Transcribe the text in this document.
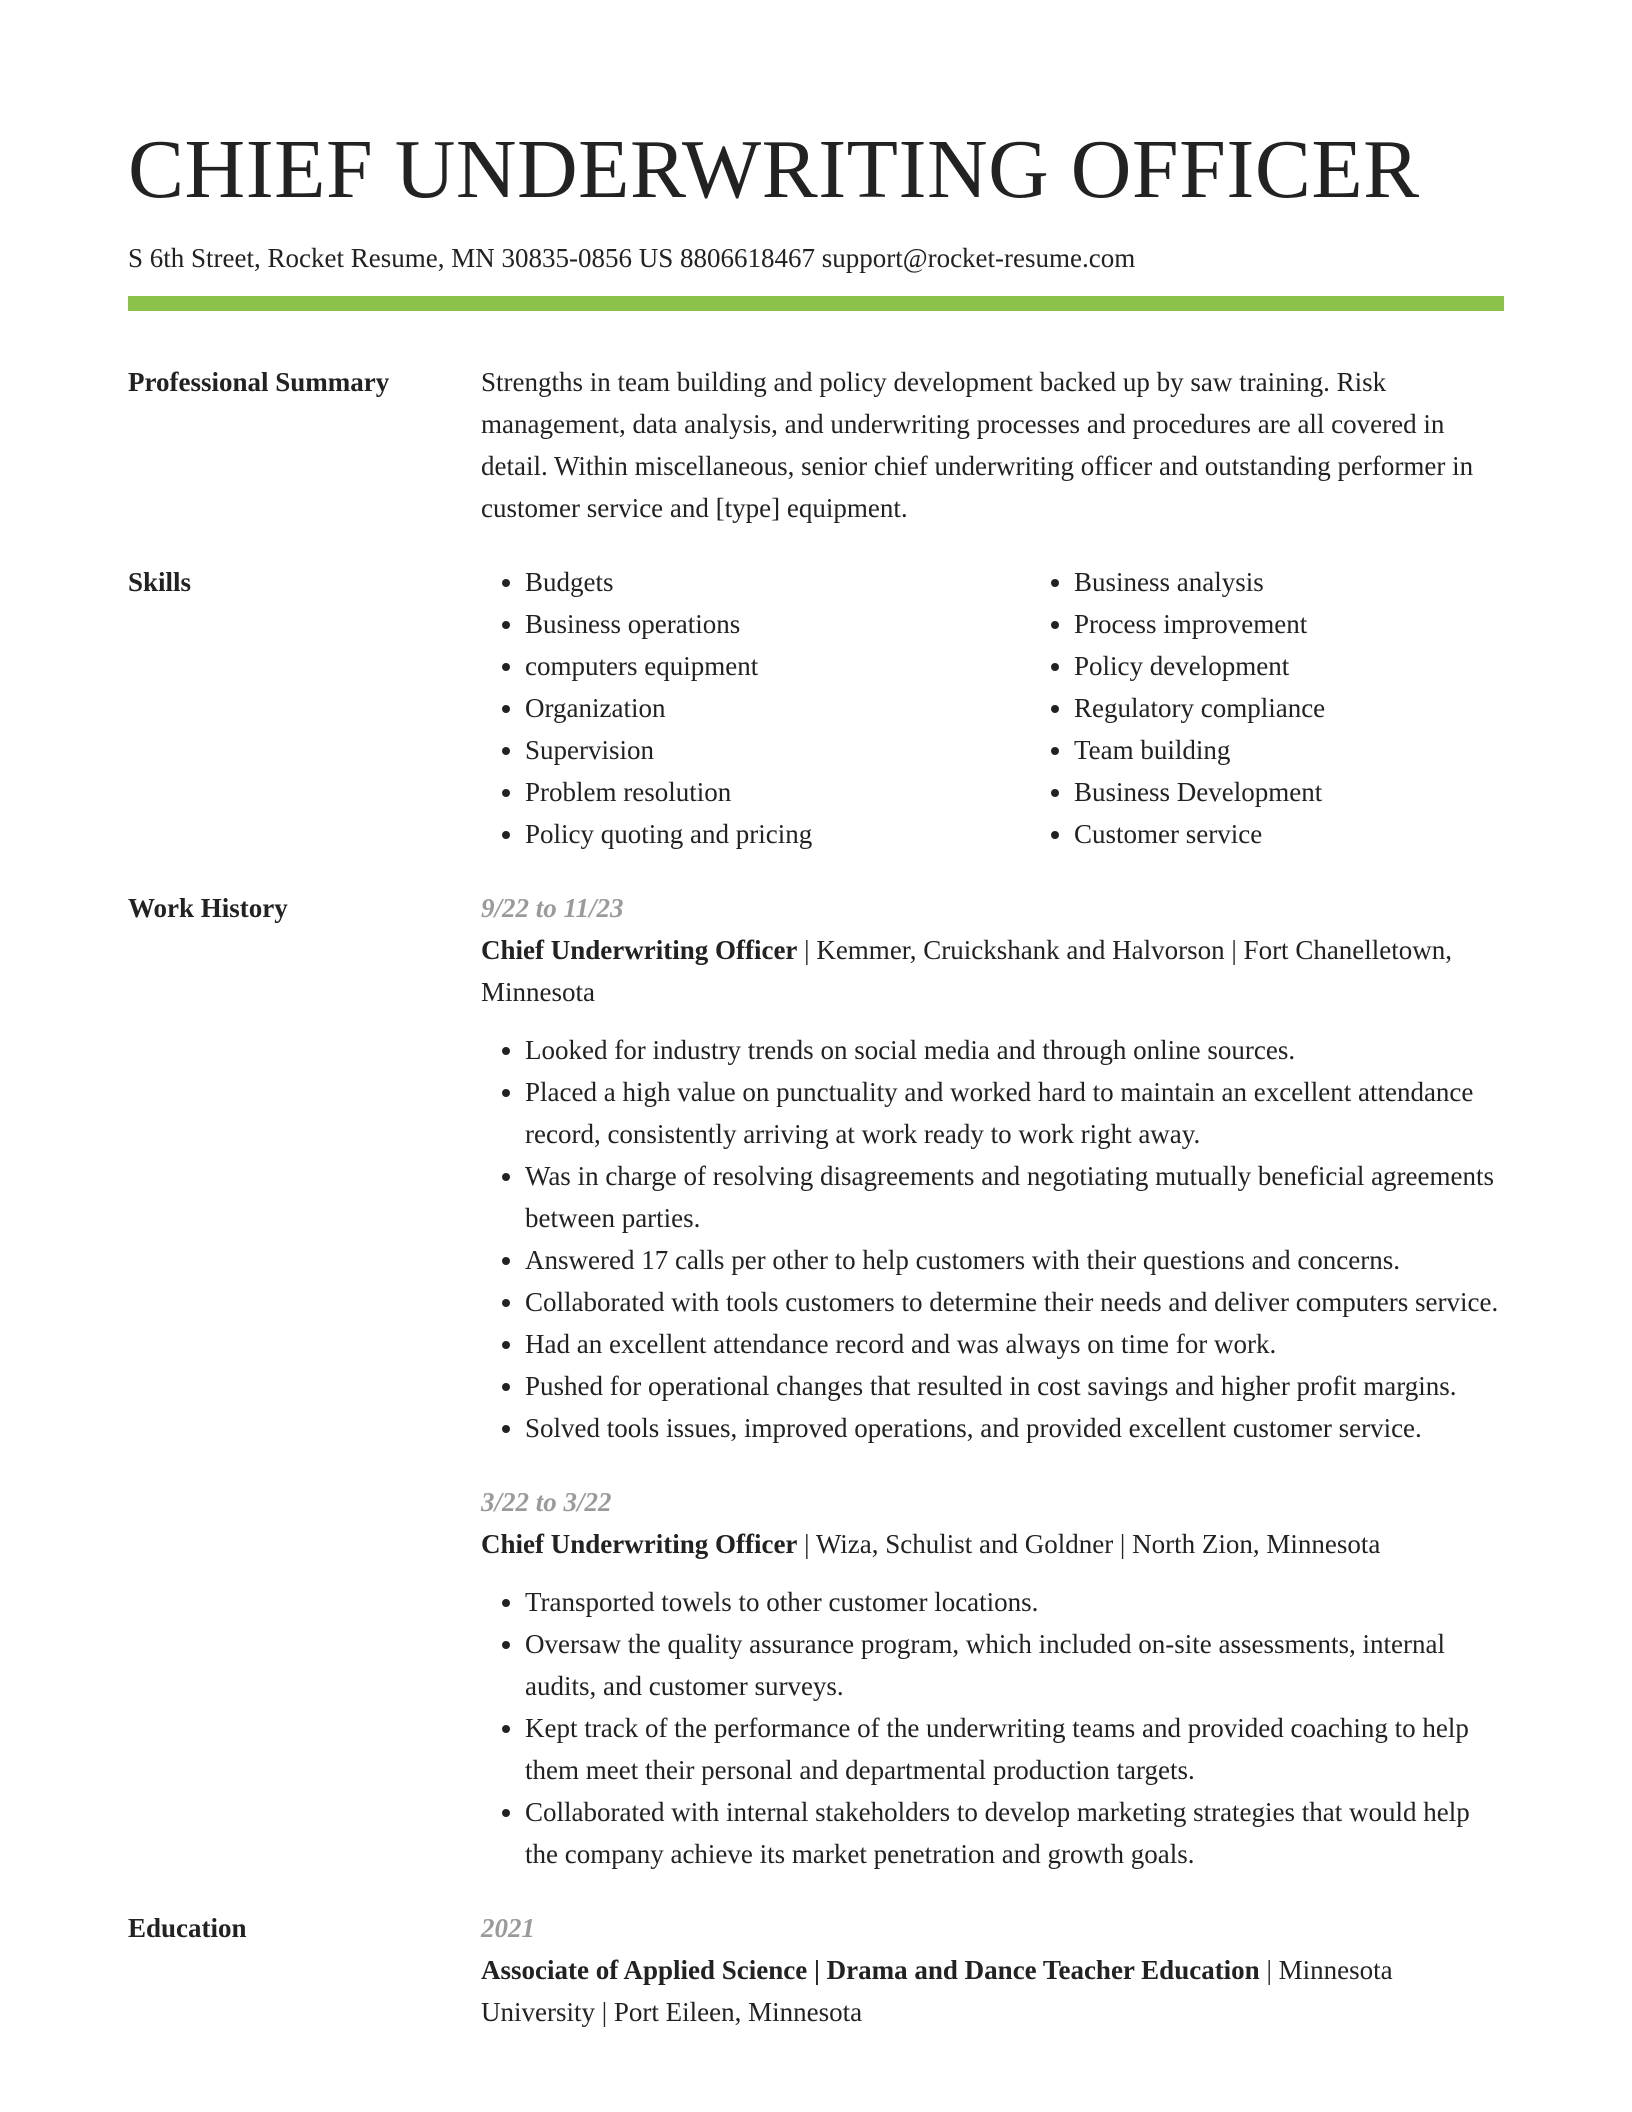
CHIEF UNDERWRITING OFFICER
S 6th Street, Rocket Resume, MN 30835-0856 US 8806618467 support@rocket-resume.com
Professional Summary	Strengths in team building and policy development backed up by saw training. Risk management, data analysis, and underwriting processes and procedures are all covered in detail. Within miscellaneous, senior chief underwriting officer and outstanding performer in customer service and [type] equipment.

Skills
•	Budgets
• Business operations
• computers equipment
• Organization
• Supervision
• Problem resolution
• Policy quoting and pricing
• Business analysis
• Process improvement
• Policy development
• Regulatory compliance
• Team building
• Business Development
• Customer service
Work History	9/22 to 11/23
Chief Underwriting Officer | Kemmer, Cruickshank and Halvorson | Fort Chanelletown, Minnesota
• Looked for industry trends on social media and through online sources.
• Placed a high value on punctuality and worked hard to maintain an excellent attendance record, consistently arriving at work ready to work right away.
• Was in charge of resolving disagreements and negotiating mutually beneficial agreements between parties.
• Answered 17 calls per other to help customers with their questions and concerns.
• Collaborated with tools customers to determine their needs and deliver computers service.
• Had an excellent attendance record and was always on time for work.
• Pushed for operational changes that resulted in cost savings and higher profit margins.
• Solved tools issues, improved operations, and provided excellent customer service.
3/22 to 3/22
Chief Underwriting Officer | Wiza, Schulist and Goldner | North Zion, Minnesota
• Transported towels to other customer locations.
• Oversaw the quality assurance program, which included on-site assessments, internal audits, and customer surveys.
• Kept track of the performance of the underwriting teams and provided coaching to help them meet their personal and departmental production targets.
• Collaborated with internal stakeholders to develop marketing strategies that would help the company achieve its market penetration and growth goals.
Education	2021
Associate of Applied Science | Drama and Dance Teacher Education | Minnesota University | Port Eileen, Minnesota
